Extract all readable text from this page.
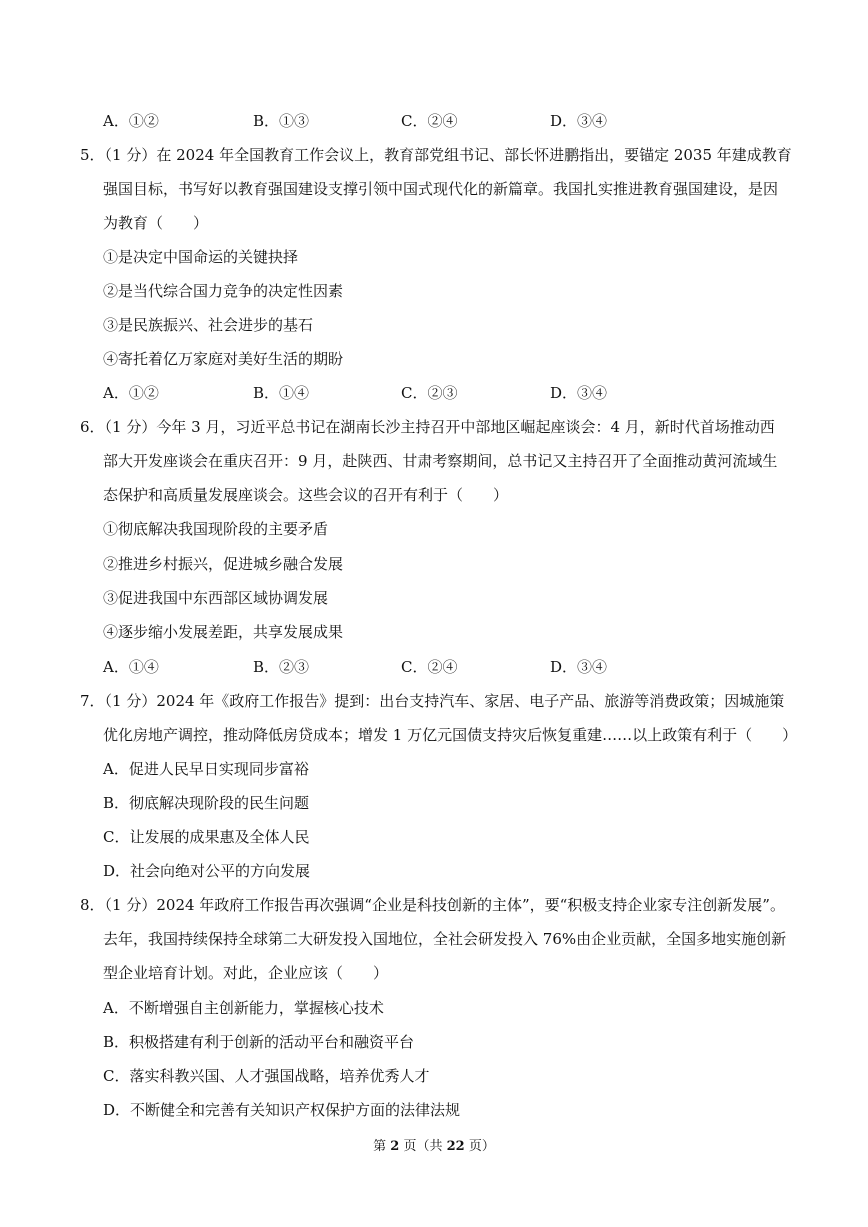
A．①②	B．①③	C．②④	D．③④
5．（1 分）在 2024 年全国教育工作会议上，教育部党组书记、部长怀进鹏指出，要锚定 2035 年建成教育
强国目标，书写好以教育强国建设支撑引领中国式现代化的新篇章。我国扎实推进教育强国建设，是因
为教育（　　）
①是决定中国命运的关键抉择
②是当代综合国力竞争的决定性因素
③是民族振兴、社会进步的基石
④寄托着亿万家庭对美好生活的期盼
A．①②	B．①④	C．②③	D．③④
6．（1 分）今年 3 月，习近平总书记在湖南长沙主持召开中部地区崛起座谈会：4 月，新时代首场推动西
部大开发座谈会在重庆召开：9 月，赴陕西、甘肃考察期间，总书记又主持召开了全面推动黄河流域生
态保护和高质量发展座谈会。这些会议的召开有利于（　　）
①彻底解决我国现阶段的主要矛盾
②推进乡村振兴，促进城乡融合发展
③促进我国中东西部区域协调发展
④逐步缩小发展差距，共享发展成果
A．①④	B．②③	C．②④	D．③④
7．（1 分）2024 年《政府工作报告》提到：出台支持汽车、家居、电子产品、旅游等消费政策；因城施策
优化房地产调控，推动降低房贷成本；增发 1 万亿元国债支持灾后恢复重建……以上政策有利于（　　）
A．促进人民早日实现同步富裕
B．彻底解决现阶段的民生问题
C．让发展的成果惠及全体人民
D．社会向绝对公平的方向发展
8．（1 分）2024 年政府工作报告再次强调“企业是科技创新的主体”，要“积极支持企业家专注创新发展”。
去年，我国持续保持全球第二大研发投入国地位，全社会研发投入 76%由企业贡献，全国多地实施创新
型企业培育计划。对此，企业应该（　　）
A．不断增强自主创新能力，掌握核心技术
B．积极搭建有利于创新的活动平台和融资平台
C．落实科教兴国、人才强国战略，培养优秀人才
D．不断健全和完善有关知识产权保护方面的法律法规
第 2 页（共 22 页）
